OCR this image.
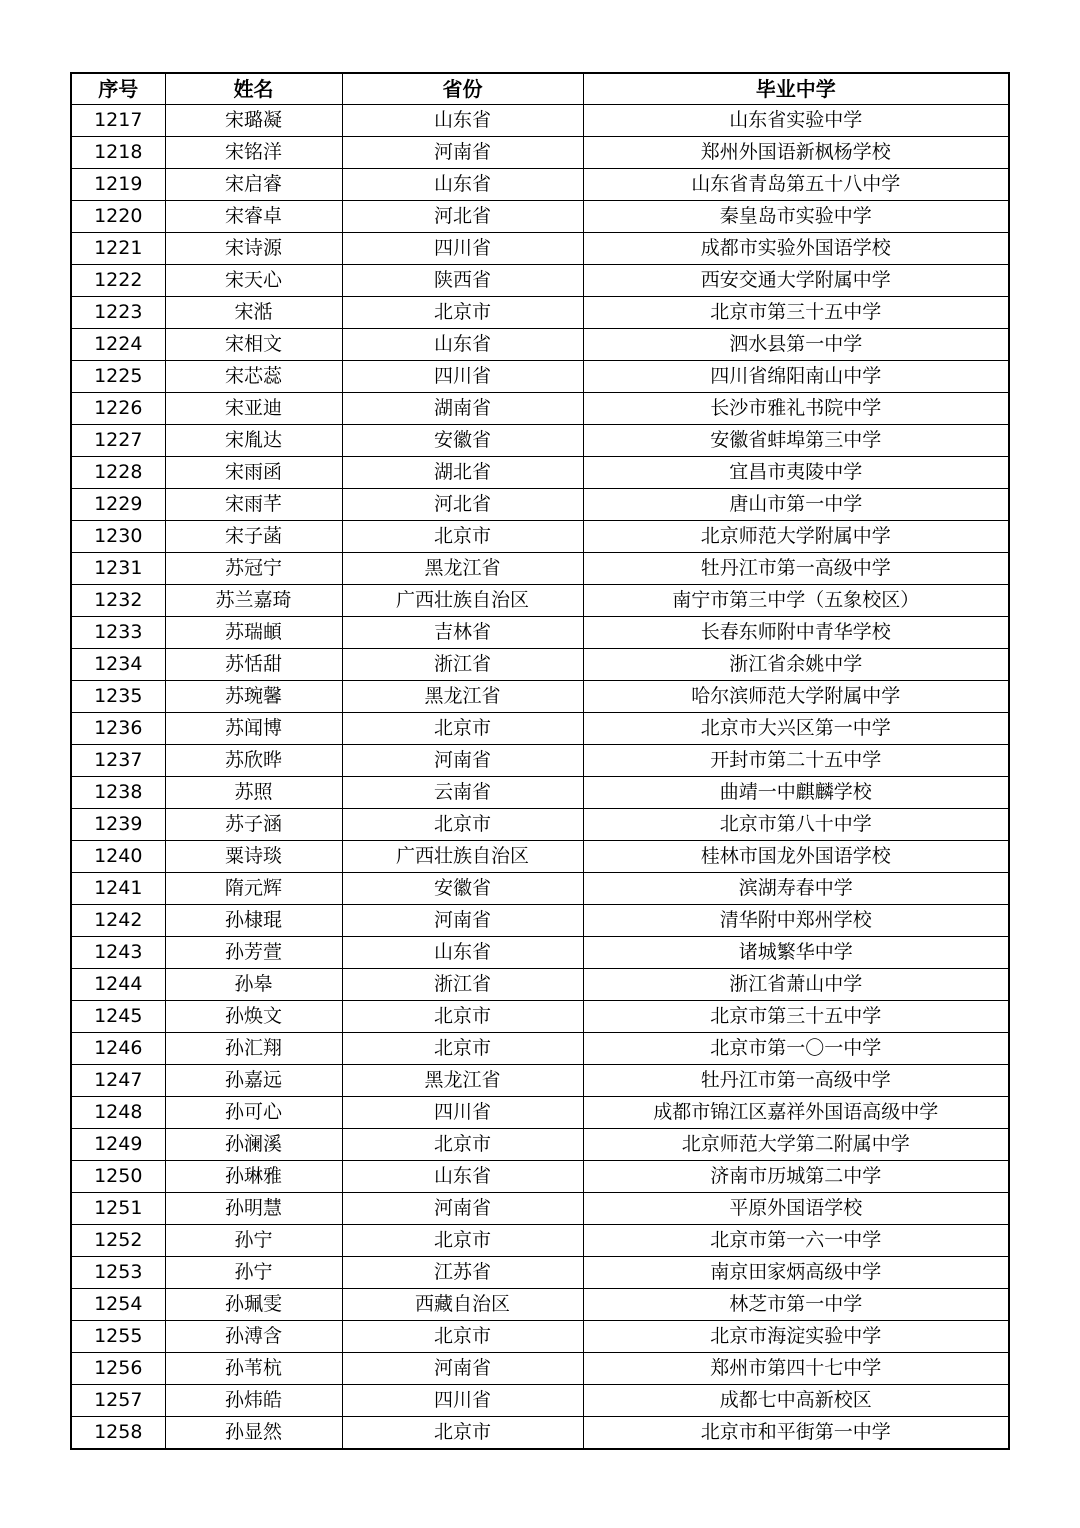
序号	姓名	省份	毕业中学
1217	宋璐凝	山东省	山东省实验中学
1218	宋铭洋	河南省	郑州外国语新枫杨学校
1219	宋启睿	山东省	山东省青岛第五十八中学
1220	宋睿卓	河北省	秦皇岛市实验中学
1221	宋诗源	四川省	成都市实验外国语学校
1222	宋天心	陕西省	西安交通大学附属中学
1223	宋湉	北京市	北京市第三十五中学
1224	宋相文	山东省	泗水县第一中学
1225	宋芯蕊	四川省	四川省绵阳南山中学
1226	宋亚迪	湖南省	长沙市雅礼书院中学
1227	宋胤达	安徽省	安徽省蚌埠第三中学
1228	宋雨函	湖北省	宜昌市夷陵中学
1229	宋雨芊	河北省	唐山市第一中学
1230	宋子菡	北京市	北京师范大学附属中学
1231	苏冠宁	黑龙江省	牡丹江市第一高级中学
1232	苏兰嘉琦	广西壮族自治区	南宁市第三中学（五象校区）
1233	苏瑞頔	吉林省	长春东师附中青华学校
1234	苏恬甜	浙江省	浙江省余姚中学
1235	苏琬馨	黑龙江省	哈尔滨师范大学附属中学
1236	苏闻博	北京市	北京市大兴区第一中学
1237	苏欣晔	河南省	开封市第二十五中学
1238	苏照	云南省	曲靖一中麒麟学校
1239	苏子涵	北京市	北京市第八十中学
1240	粟诗琰	广西壮族自治区	桂林市国龙外国语学校
1241	隋元辉	安徽省	滨湖寿春中学
1242	孙棣琨	河南省	清华附中郑州学校
1243	孙芳萱	山东省	诸城繁华中学
1244	孙皋	浙江省	浙江省萧山中学
1245	孙焕文	北京市	北京市第三十五中学
1246	孙汇翔	北京市	北京市第一〇一中学
1247	孙嘉远	黑龙江省	牡丹江市第一高级中学
1248	孙可心	四川省	成都市锦江区嘉祥外国语高级中学
1249	孙澜溪	北京市	北京师范大学第二附属中学
1250	孙琳雅	山东省	济南市历城第二中学
1251	孙明慧	河南省	平原外国语学校
1252	孙宁	北京市	北京市第一六一中学
1253	孙宁	江苏省	南京田家炳高级中学
1254	孙珮雯	西藏自治区	林芝市第一中学
1255	孙溥含	北京市	北京市海淀实验中学
1256	孙苇杭	河南省	郑州市第四十七中学
1257	孙炜皓	四川省	成都七中高新校区
1258	孙显然	北京市	北京市和平街第一中学
